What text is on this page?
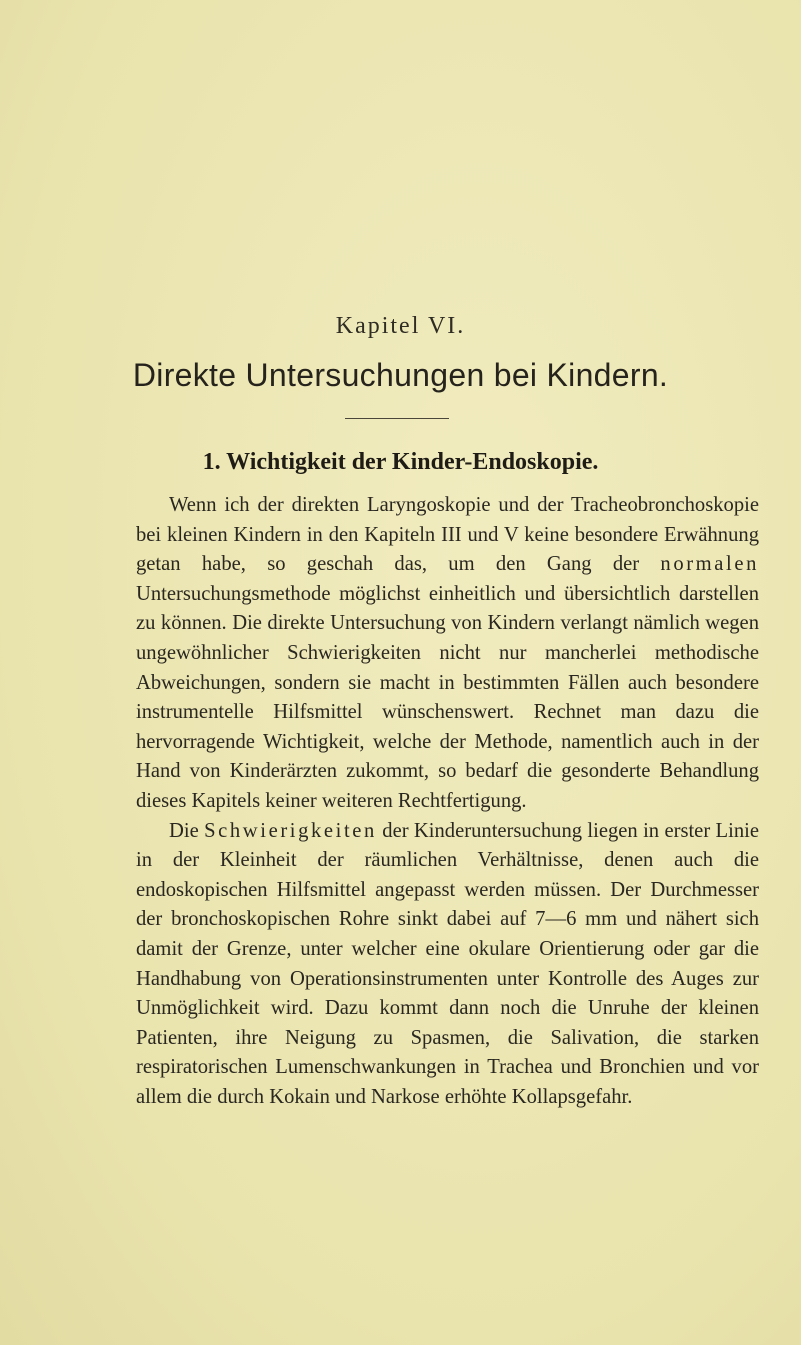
Kapitel VI.
Direkte Untersuchungen bei Kindern.
1. Wichtigkeit der Kinder-Endoskopie.

Wenn ich der direkten Laryngoskopie und der Tracheobronchoskopie bei kleinen Kindern in den Kapiteln III und V keine besondere Erwähnung getan habe, so geschah das, um den Gang der normalen Untersuchungsmethode möglichst einheitlich und übersichtlich darstellen zu können. Die direkte Untersuchung von Kindern verlangt nämlich wegen ungewöhnlicher Schwierigkeiten nicht nur mancherlei methodische Abweichungen, sondern sie macht in bestimmten Fällen auch besondere instrumentelle Hilfsmittel wünschenswert. Rechnet man dazu die hervorragende Wichtigkeit, welche der Methode, namentlich auch in der Hand von Kinderärzten zukommt, so bedarf die gesonderte Behandlung dieses Kapitels keiner weiteren Rechtfertigung.

Die Schwierigkeiten der Kinderuntersuchung liegen in erster Linie in der Kleinheit der räumlichen Verhältnisse, denen auch die endoskopischen Hilfsmittel angepasst werden müssen. Der Durchmesser der bronchoskopischen Rohre sinkt dabei auf 7—6 mm und nähert sich damit der Grenze, unter welcher eine okulare Orientierung oder gar die Handhabung von Operationsinstrumenten unter Kontrolle des Auges zur Unmöglichkeit wird. Dazu kommt dann noch die Unruhe der kleinen Patienten, ihre Neigung zu Spasmen, die Salivation, die starken respiratorischen Lumenschwankungen in Trachea und Bronchien und vor allem die durch Kokain und Narkose erhöhte Kollapsgefahr.
